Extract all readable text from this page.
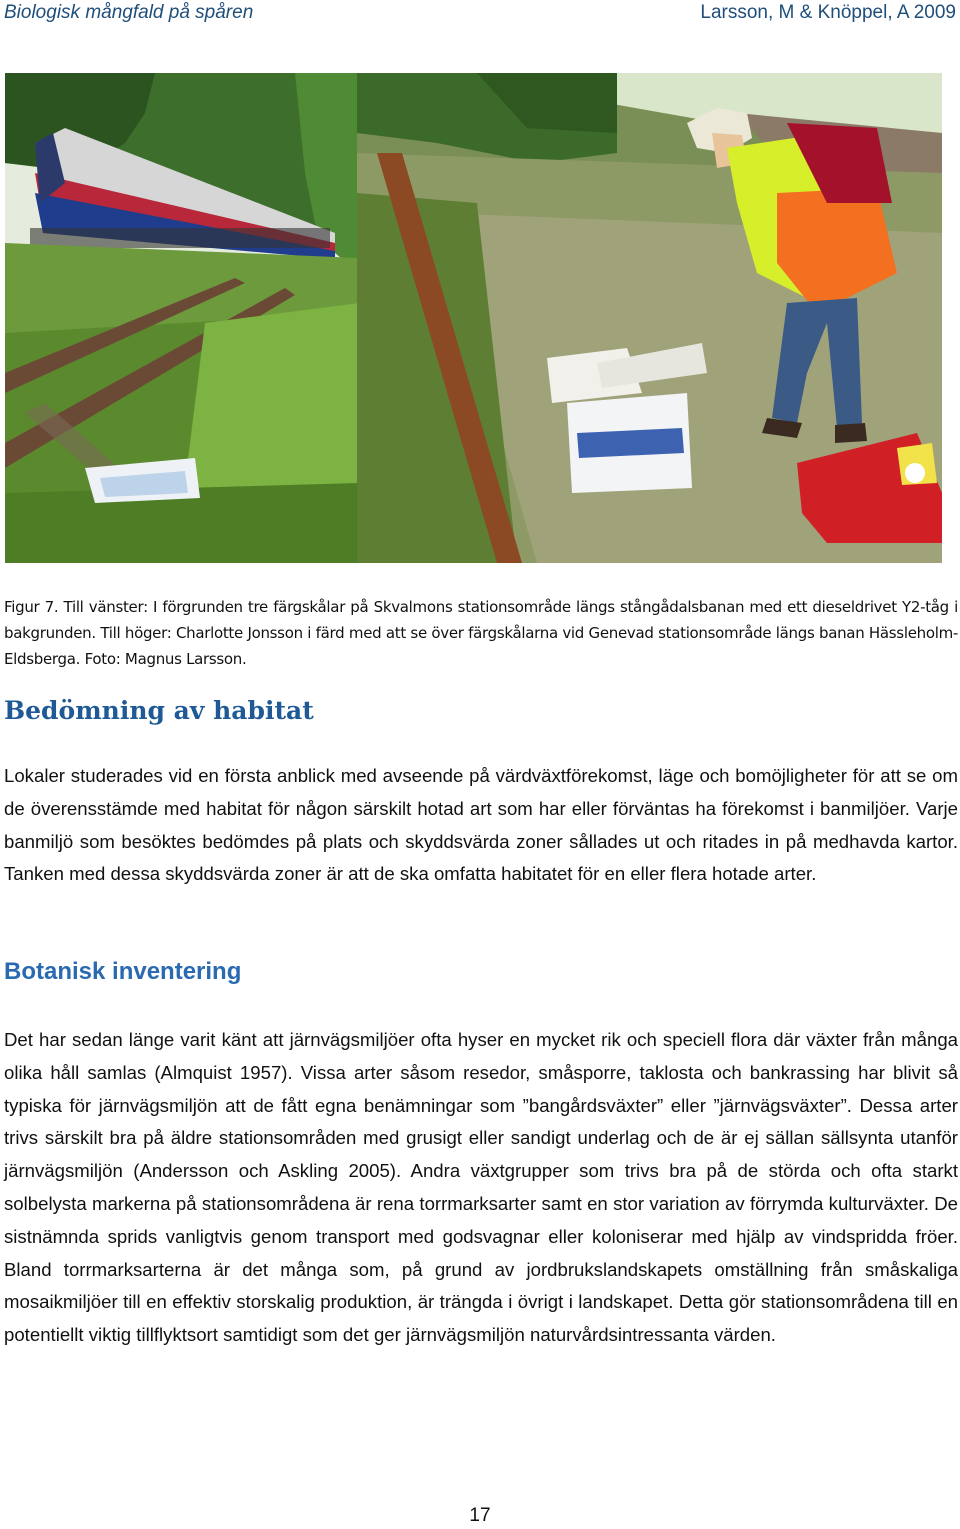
Biologisk mångfald på spåren	Larsson, M & Knöppel, A 2009
Figur 7. Till vänster: I förgrunden tre färgskålar på Skvalmons stationsområde längs stångådalsbanan med ett dieseldrivet Y2-tåg i bakgrunden. Till höger: Charlotte Jonsson i färd med att se över färgskålarna vid Genevad stationsområde längs banan Hässleholm-Eldsberga. Foto: Magnus Larsson.
Bedömning av habitat

Lokaler studerades vid en första anblick med avseende på värdväxtförekomst, läge och bomöjligheter för att se om de överensstämde med habitat för någon särskilt hotad art som har eller förväntas ha förekomst i banmiljöer. Varje banmiljö som besöktes bedömdes på plats och skyddsvärda zoner sållades ut och ritades in på medhavda kartor. Tanken med dessa skyddsvärda zoner är att de ska omfatta habitatet för en eller flera hotade arter.

Botanisk inventering

Det har sedan länge varit känt att järnvägsmiljöer ofta hyser en mycket rik och speciell flora där växter från många olika håll samlas (Almquist 1957). Vissa arter såsom resedor, småsporre, taklosta och bankrassing har blivit så typiska för järnvägsmiljön att de fått egna benämningar som ”bangårdsväxter” eller ”järnvägsväxter”. Dessa arter trivs särskilt bra på äldre stationsområden med grusigt eller sandigt underlag och de är ej sällan sällsynta utanför järnvägsmiljön (Andersson och Askling 2005). Andra växtgrupper som trivs bra på de störda och ofta starkt solbelysta markerna på stationsområdena är rena torrmarksarter samt en stor variation av förrymda kulturväxter. De sistnämnda sprids vanligtvis genom transport med godsvagnar eller koloniserar med hjälp av vindspridda fröer. Bland torrmarksarterna är det många som, på grund av jordbrukslandskapets omställning från småskaliga mosaikmiljöer till en effektiv storskalig produktion, är trängda i övrigt i landskapet. Detta gör stationsområdena till en potentiellt viktig tillflyktsort samtidigt som det ger järnvägsmiljön naturvårdsintressanta värden.

17
